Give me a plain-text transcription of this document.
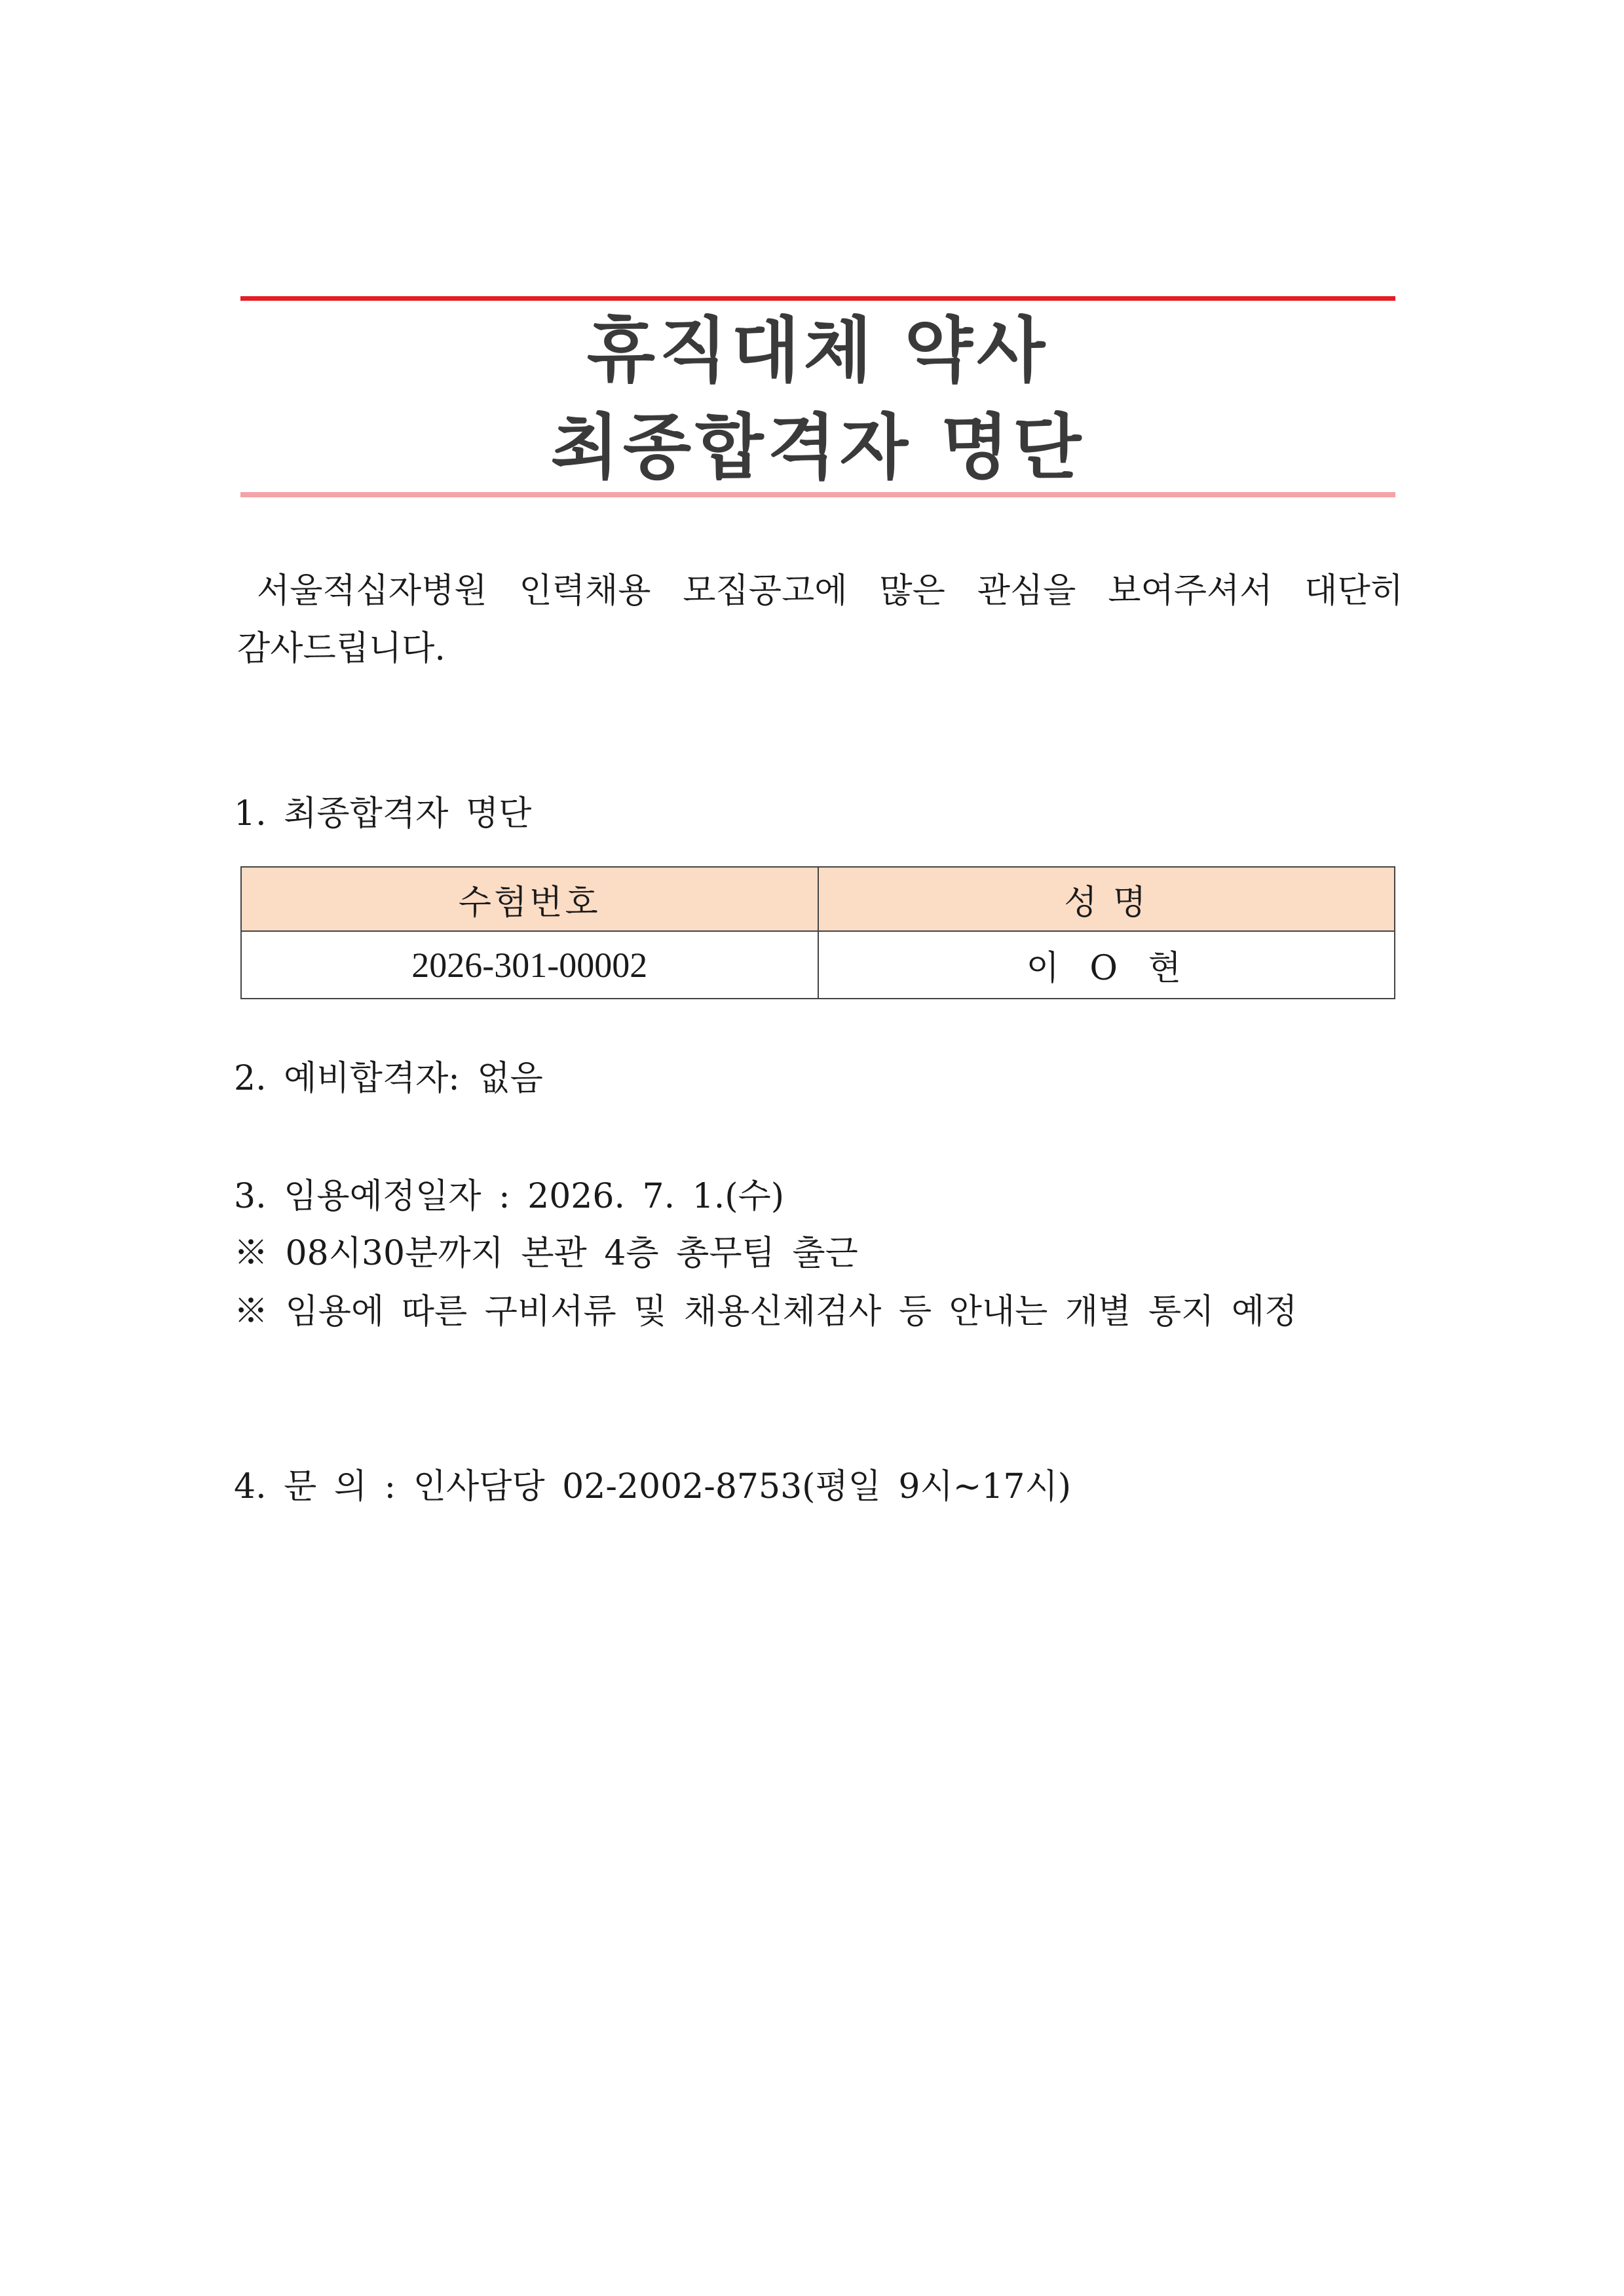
휴직대체 약사
최종합격자 명단
서울적십자병원 인력채용 모집공고에 많은 관심을 보여주셔서 대단히
감사드립니다.
1. 최종합격자 명단
수험번호	성 명
2026-301-00002	이 O 현
2. 예비합격자: 없음
3. 임용예정일자 : 2026. 7. 1.(수)
※ 08시30분까지 본관 4층 총무팀 출근
※ 임용에 따른 구비서류 및 채용신체검사 등 안내는 개별 통지 예정
4. 문 의 : 인사담당 02-2002-8753(평일 9시~17시)
